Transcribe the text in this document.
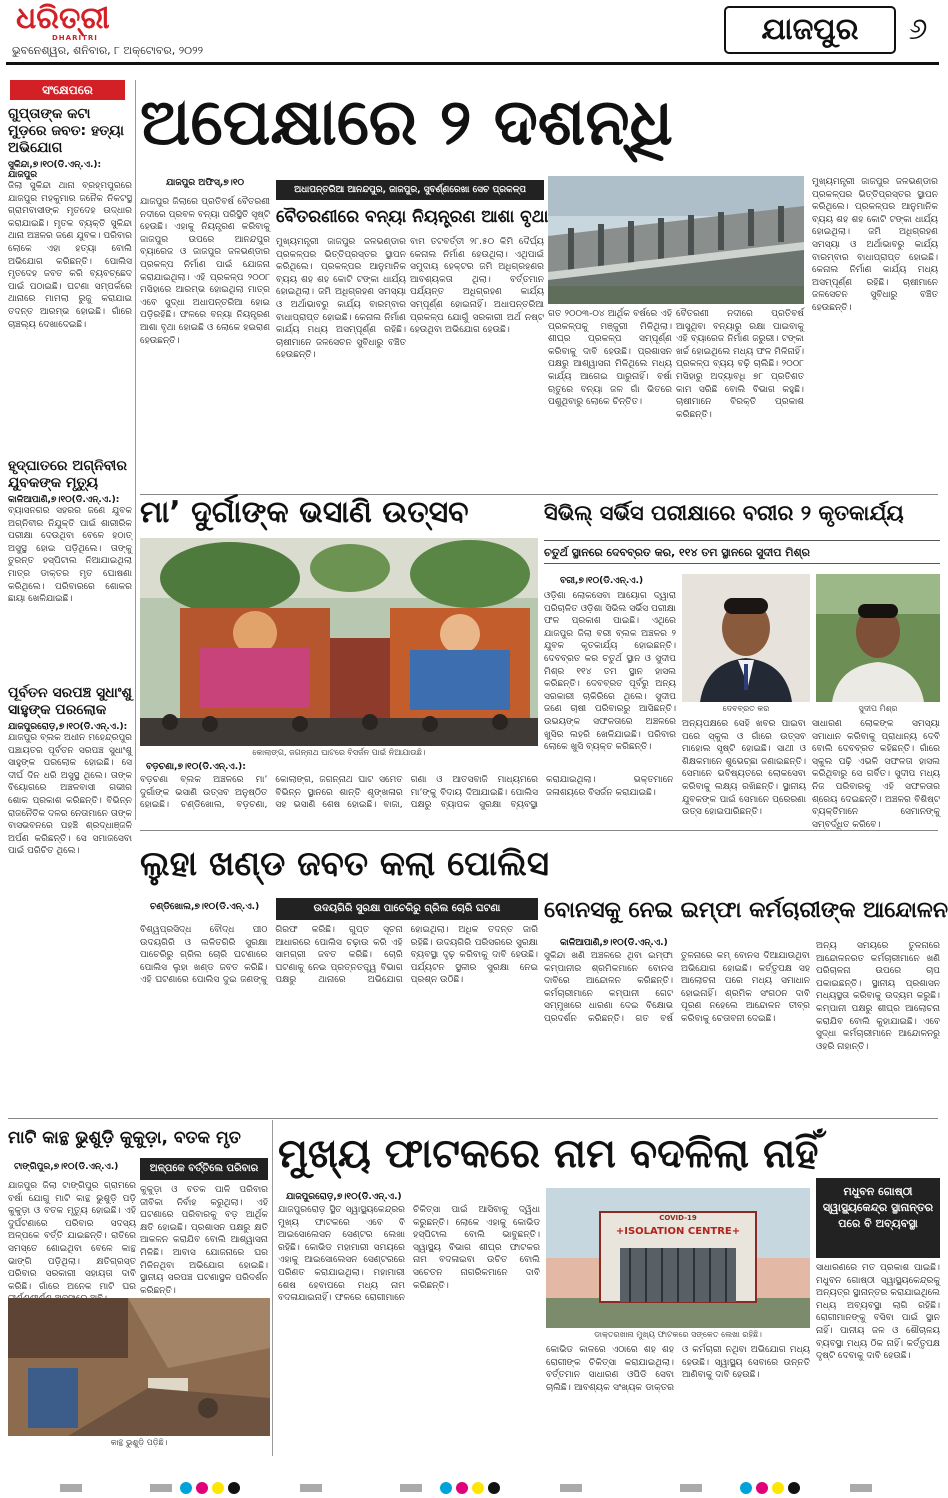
ଧରିତ୍ରୀ
DHARITRI
ଭୁବନେଶ୍ୱର, ଶନିବାର, ୮ ଅକ୍ଟୋବର, ୨୦୨୨
ଯାଜପୁର	୬
ସଂକ୍ଷେପରେ
ଗୁପ୍ତାଙ୍କ କଟା ମୁଡ଼ରେ ଜବତ: ହତ୍ୟା ଅଭିଯୋଗ
ସୁକିନ୍ଦା,୭।୧୦(ଡି.ଏନ୍.ଏ.): ଯାଜପୁର
ଜିଲା ସୁକିନ୍ଦା ଥାନା ବ୍ରହ୍ମପୁରରେ ଯାଜପୁର ମହକୁମାର ଜନୈକ ନିକଟସ୍ଥ ଗ୍ରାମବାସୀଙ୍କ ମୃତଦେହ ଉଦ୍ଧାର କରାଯାଇଛି। ମୃତକ ବ୍ୟକ୍ତି ସୁକିନ୍ଦା ଥାନା ଅଞ୍ଚଳର ଜଣେ ଯୁବକ। ପରିବାର ଲୋକେ ଏହା ହତ୍ୟା ବୋଲି ଅଭିଯୋଗ କରିଛନ୍ତି। ପୋଲିସ ମୃତଦେହ ଜବତ କରି ବ୍ୟବଚ୍ଛେଦ ପାଇଁ ପଠାଇଛି। ଘଟଣା ସମ୍ପର୍କରେ ଥାନାରେ ମାମଲା ରୁଜୁ କରାଯାଇ ତଦନ୍ତ ଆରମ୍ଭ ହୋଇଛି। ଗାଁରେ ଚାଞ୍ଚଲ୍ୟ ଦେଖାଦେଇଛି।
ହୃଦ୍‌ଘାତରେ ଅଗ୍ନିବୀର ଯୁବକଙ୍କ ମୃତ୍ୟୁ
କାଳିଆପାଣି,୭।୧୦(ଡି.ଏନ୍.ଏ.):
ବ୍ୟାସନଗର ସହରର ଜଣେ ଯୁବକ ଅଗ୍ନିବୀର ନିଯୁକ୍ତି ପାଇଁ ଶାରୀରିକ ପରୀକ୍ଷା ଦେଉଥିବା ବେଳେ ହଠାତ୍ ଅସୁସ୍ଥ ହୋଇ ପଡ଼ିଥିଲେ। ତାଙ୍କୁ ତୁରନ୍ତ ହସ୍ପିଟାଲ ନିଆଯାଇଥିଲା ମାତ୍ର ଡାକ୍ତର ମୃତ ଘୋଷଣା କରିଥିଲେ। ପରିବାରରେ ଶୋକର ଛାୟା ଖେଳିଯାଇଛି।
ପୂର୍ବତନ ସରପଞ୍ଚ ସୁଧାଂଶୁ ସାହୁଙ୍କ ପରଲୋକ
ଯାଜପୁରରୋଡ଼,୭।୧୦(ଡି.ଏନ୍.ଏ.):
ଯାଜପୁର ବ୍ଲକ ଅଧୀନ ମହେନ୍ଦ୍ରପୁର ପଞ୍ଚାୟତର ପୂର୍ବତନ ସରପଞ୍ଚ ସୁଧାଂଶୁ ସାହୁଙ୍କ ପରଲୋକ ହୋଇଛି। ସେ ଦୀର୍ଘ ଦିନ ଧରି ଅସୁସ୍ଥ ଥିଲେ। ତାଙ୍କ ବିୟୋଗରେ ଅଞ୍ଚଳବାସୀ ଗଭୀର ଶୋକ ପ୍ରକାଶ କରିଛନ୍ତି। ବିଭିନ୍ନ ରାଜନୈତିକ ଦଳର ନେତାମାନେ ତାଙ୍କ ବାସଭବନରେ ପହଞ୍ଚି ଶ୍ରଦ୍ଧାଞ୍ଜଳି ଅର୍ପଣ କରିଛନ୍ତି। ସେ ସମାଜସେବା ପାଇଁ ପରିଚିତ ଥିଲେ।
ଅପେକ୍ଷାରେ ୨ ଦଶନ୍ଧି
ଯାଜପୁର ଅଫିସ୍,୭।୧୦
ଅଧାପନ୍ତରିଆ ଆନନ୍ଦପୁର, ଜାଜପୁର, ସୁବର୍ଣ୍ଣରେଖା ସେଚ ପ୍ରକଳ୍ପ
ବୈତରଣୀରେ ବନ୍ୟା ନିୟନ୍ତ୍ରଣ ଆଶା ବୃଥା
ଯାଜପୁର ଜିଲାରେ ପ୍ରତିବର୍ଷ ବୈତରଣୀ ନଦୀରେ ପ୍ରବଳ ବନ୍ୟା ପରିସ୍ଥିତି ସୃଷ୍ଟି ହେଉଛି। ଏହାକୁ ନିୟନ୍ତ୍ରଣ କରିବାକୁ ଜାଜପୁର ଉପରେ ଆନନ୍ଦପୁର ବ୍ୟାରେଜ ଓ ଜାଜପୁର ଜଳଭଣ୍ଡାର ପ୍ରକଳ୍ପ ନିର୍ମାଣ ପାଇଁ ଯୋଜନା କରାଯାଇଥିଲା। ଏହି ପ୍ରକଳ୍ପ ୨୦୦୮ ମସିହାରେ ଆରମ୍ଭ ହୋଇଥିଲା ମାତ୍ର ଏବେ ସୁଦ୍ଧା ଅଧାପନ୍ତରିଆ ହୋଇ ପଡ଼ିରହିଛି। ଫଳରେ ବନ୍ୟା ନିୟନ୍ତ୍ରଣ ଆଶା ବୃଥା ହୋଇଛି ଓ ଲୋକେ ହଇରାଣ ହେଉଛନ୍ତି।
ମୁଖ୍ୟମନ୍ତ୍ରୀ ଜାଜପୁର ଜଳଭଣ୍ଡାର ପ୍ରକଳ୍ପର ଭିତ୍ତିପ୍ରସ୍ତର ସ୍ଥାପନ କରିଥିଲେ। ପ୍ରକଳ୍ପର ଆନୁମାନିକ ବ୍ୟୟ ଶହ ଶହ କୋଟି ଟଙ୍କା ଧାର୍ଯ୍ୟ ହୋଇଥିଲା। ଜମି ଅଧିଗ୍ରହଣ ସମସ୍ୟା ଓ ଅର୍ଥାଭାବରୁ କାର୍ଯ୍ୟ ବାରମ୍ବାର ବାଧାପ୍ରାପ୍ତ ହୋଇଛି। କେନାଲ ନିର୍ମାଣ କାର୍ଯ୍ୟ ମଧ୍ୟ ଅସମ୍ପୂର୍ଣ୍ଣ ରହିଛି। ଚାଷୀମାନେ ଜଳସେଚନ ସୁବିଧାରୁ ବଞ୍ଚିତ ହେଉଛନ୍ତି।
ବାମ ତଟବର୍ତ୍ତୀ ୨୮.୫୦ କିମି ଦୈର୍ଘ୍ୟ କେନାଲ ନିର୍ମାଣ ହେଉଥିଲା। ଏଥିପାଇଁ ସମୁଦାୟ ହେକ୍ଟର ଜମି ଅଧିଗ୍ରହଣର ଆବଶ୍ୟକତା ଥିଲା। ବର୍ତ୍ତମାନ ପର୍ଯ୍ୟନ୍ତ ଅଧିଗ୍ରହଣ କାର୍ଯ୍ୟ ସମ୍ପୂର୍ଣ୍ଣ ହୋଇନାହିଁ। ଅଧାପନ୍ତରିଆ ପ୍ରକଳ୍ପ ଯୋଗୁଁ ସରକାରୀ ଅର୍ଥ ନଷ୍ଟ ହେଉଥିବା ଅଭିଯୋଗ ହେଉଛି।
ଗତ ୨୦୦୩-୦୪ ଆର୍ଥିକ ବର୍ଷରେ ଏହି ପ୍ରକଳ୍ପକୁ ମଞ୍ଜୁରୀ ମିଳିଥିଲା। ଶୀଘ୍ର ପ୍ରକଳ୍ପ ସମ୍ପୂର୍ଣ୍ଣ କରିବାକୁ ଦାବି ହେଉଛି। ପ୍ରଶାସନ ପକ୍ଷରୁ ଆଶ୍ୱାସନା ମିଳିଥିଲେ ମଧ୍ୟ କାର୍ଯ୍ୟ ଆଗେଇ ପାରୁନାହିଁ। ବର୍ଷା ଋତୁରେ ବନ୍ୟା ଜଳ ଗାଁ ଭିତରେ ପଶୁଥିବାରୁ ଲୋକେ ଚିନ୍ତିତ।
ବୈତରଣୀ ନଦୀରେ ପ୍ରତିବର୍ଷ ଆସୁଥିବା ବନ୍ୟାରୁ ରକ୍ଷା ପାଇବାକୁ ଏହି ବ୍ୟାରେଜ ନିର୍ମାଣ ଜରୁରୀ। ଟଙ୍କା ଖର୍ଚ୍ଚ ହୋଇଥିଲେ ମଧ୍ୟ ଫଳ ମିଳିନାହିଁ। ପ୍ରକଳ୍ପ ବ୍ୟୟ ବଢ଼ି ଚାଲିଛି। ୨୦୦୮ ମସିହାରୁ ଅଦ୍ୟାବଧି ୭୮ ପ୍ରତିଶତ କାମ ସରିଛି ବୋଲି ବିଭାଗ କହୁଛି। ଚାଷୀମାନେ ବିରକ୍ତି ପ୍ରକାଶ କରିଛନ୍ତି।
ମୁଖ୍ୟମନ୍ତ୍ରୀ ଜାଜପୁର ଜଳଭଣ୍ଡାର ପ୍ରକଳ୍ପର ଭିତ୍ତିପ୍ରସ୍ତର ସ୍ଥାପନ କରିଥିଲେ। ପ୍ରକଳ୍ପର ଆନୁମାନିକ ବ୍ୟୟ ଶହ ଶହ କୋଟି ଟଙ୍କା ଧାର୍ଯ୍ୟ ହୋଇଥିଲା। ଜମି ଅଧିଗ୍ରହଣ ସମସ୍ୟା ଓ ଅର୍ଥାଭାବରୁ କାର୍ଯ୍ୟ ବାରମ୍ବାର ବାଧାପ୍ରାପ୍ତ ହୋଇଛି। କେନାଲ ନିର୍ମାଣ କାର୍ଯ୍ୟ ମଧ୍ୟ ଅସମ୍ପୂର୍ଣ୍ଣ ରହିଛି। ଚାଷୀମାନେ ଜଳସେଚନ ସୁବିଧାରୁ ବଞ୍ଚିତ ହେଉଛନ୍ତି।
ମା’ ଦୁର୍ଗାଙ୍କ ଭସାଣି ଉତ୍ସବ
କୋଲାଙ୍ଗ, ଜଗନ୍ନାଥ ଘାଟରେ ବିସର୍ଜନ ପାଇଁ ନିଆଯାଉଛି।
ବଡ଼ଚଣା,୭।୧୦(ଡି.ଏନ୍.ଏ.):
ବଡ଼ଚଣା ବ୍ଲକ ଅଞ୍ଚଳରେ ମା’ ଦୁର୍ଗାଙ୍କ ଭସାଣି ଉତ୍ସବ ଅନୁଷ୍ଠିତ ହୋଇଛି। ଚଣ୍ଡିଖୋଲ, ବଡ଼ଚଣା, କୋଲାଙ୍ଗ, ଜଗନ୍ନାଥ ଘାଟ ସମେତ ବିଭିନ୍ନ ସ୍ଥାନରେ ଶାନ୍ତି ଶୃଙ୍ଖଳାର ସହ ଭସାଣି ଶେଷ ହୋଇଛି। ବାଜା, ଗଣା ଓ ଆତସବାଜି ମାଧ୍ୟମରେ ମା’ଙ୍କୁ ବିଦାୟ ଦିଆଯାଇଛି। ପୋଲିସ ପକ୍ଷରୁ ବ୍ୟାପକ ସୁରକ୍ଷା ବ୍ୟବସ୍ଥା କରାଯାଇଥିଲା। ଭକ୍ତମାନେ ଜଳାଶୟରେ ବିସର୍ଜନ କରାଯାଇଛି।
ସିଭିଲ୍ ସର୍ଭିସ ପରୀକ୍ଷାରେ ବରୀର ୨ କୃତକାର୍ଯ୍ୟ
ଚତୁର୍ଥ ସ୍ଥାନରେ ଦେବବ୍ରତ କର, ୧୧୪ ତମ ସ୍ଥାନରେ ସୁଦୀପ ମିଶ୍ର
ବରୀ,୭।୧୦(ଡି.ଏନ୍.ଏ.)
ଓଡ଼ିଶା ଲୋକସେବା ଆୟୋଗ ଦ୍ୱାରା ପରିଚାଳିତ ଓଡ଼ିଶା ସିଭିଲ ସର୍ଭିସ ପରୀକ୍ଷା ଫଳ ପ୍ରକାଶ ପାଇଛି। ଏଥିରେ ଯାଜପୁର ଜିଲା ବରୀ ବ୍ଲକ ଅଞ୍ଚଳର ୨ ଯୁବକ କୃତକାର୍ଯ୍ୟ ହୋଇଛନ୍ତି। ଦେବବ୍ରତ କର ଚତୁର୍ଥ ସ୍ଥାନ ଓ ସୁଦୀପ ମିଶ୍ର ୧୧୪ ତମ ସ୍ଥାନ ହାସଲ କରିଛନ୍ତି। ଦେବବ୍ରତ ପୂର୍ବରୁ ଅନ୍ୟ ସରକାରୀ ଚାକିରିରେ ଥିଲେ। ସୁଦୀପ ଜଣେ ଚାଷୀ ପରିବାରରୁ ଆସିଛନ୍ତି। ଉଭୟଙ୍କ ସଫଳତାରେ ଅଞ୍ଚଳରେ ଖୁସିର ଲହରି ଖେଳିଯାଇଛି। ପରିବାର ଲୋକେ ଖୁସି ବ୍ୟକ୍ତ କରିଛନ୍ତି।
ଦେବବ୍ରତ କର	ସୁଦୀପ ମିଶ୍ର
ଅନ୍ୟପକ୍ଷରେ ସେହି ଖବର ପାଇବା ପରେ ସ୍କୁଲ ଓ ଗାଁରେ ଉତ୍ସବ ମାହୋଲ ସୃଷ୍ଟି ହୋଇଛି। ସାଥୀ ଓ ଶିକ୍ଷକମାନେ ଶୁଭେଚ୍ଛା ଜଣାଇଛନ୍ତି। ସେମାନେ ଭବିଷ୍ୟତରେ ଲୋକସେବା କରିବାକୁ ଲକ୍ଷ୍ୟ ରଖିଛନ୍ତି। ସ୍ଥାନୀୟ ଯୁବକଙ୍କ ପାଇଁ ସେମାନେ ପ୍ରେରଣା ଉତ୍ସ ହୋଇପାରିଛନ୍ତି।
ସାଧାରଣ ଲୋକଙ୍କ ସମସ୍ୟା ସମାଧାନ କରିବାକୁ ପ୍ରାଧାନ୍ୟ ଦେବି ବୋଲି ଦେବବ୍ରତ କହିଛନ୍ତି। ଗାଁରେ ସ୍କୁଲ ପଢ଼ି ଏଭଳି ସଫଳତା ହାସଲ କରିଥିବାରୁ ସେ ଗର୍ବିତ। ସୁଦୀପ ମଧ୍ୟ ନିଜ ପରିବାରକୁ ଏହି ସଫଳତାର ଶ୍ରେୟ ଦେଇଛନ୍ତି। ଅଞ୍ଚଳର ବିଶିଷ୍ଟ ବ୍ୟକ୍ତିମାନେ ସେମାନଙ୍କୁ ସମ୍ବର୍ଦ୍ଧିତ କରିବେ।
ଲୁହା ଖଣ୍ଡ ଜବତ କଲା ପୋଲିସ
ଚଣ୍ଡିଖୋଲ,୭।୧୦(ଡି.ଏନ୍.ଏ.)	ଉଦୟଗିରି ସୁରକ୍ଷା ପାଚେରିରୁ ଗ୍ରିଲ ଚୋରି ଘଟଣା
ବିଶ୍ୱପ୍ରସିଦ୍ଧ ବୌଦ୍ଧ ପୀଠ ଉଦୟଗିରି ଓ ଲଳିତଗିରି ସୁରକ୍ଷା ପାଚେରିରୁ ଗ୍ରିଲ ଚୋରି ଘଟଣାରେ ପୋଲିସ ଲୁହା ଖଣ୍ଡ ଜବତ କରିଛି। ଏହି ଘଟଣାରେ ପୋଲିସ ଦୁଇ ଜଣଙ୍କୁ ଗିରଫ କରିଛି। ଗୁପ୍ତ ସୂଚନା ଆଧାରରେ ପୋଲିସ ଚଢ଼ାଉ କରି ଏହି ସାମଗ୍ରୀ ଜବତ କରିଛି। ଚୋରି ଘଟଣାକୁ ନେଇ ପ୍ରତ୍ନତତ୍ତ୍ୱ ବିଭାଗ ପକ୍ଷରୁ ଥାନାରେ ଅଭିଯୋଗ ହୋଇଥିଲା। ଅଧିକ ତଦନ୍ତ ଜାରି ରହିଛି। ଉଦୟଗିରି ପରିସରରେ ସୁରକ୍ଷା ବ୍ୟବସ୍ଥା ଦୃଢ଼ କରିବାକୁ ଦାବି ହେଉଛି। ପର୍ଯ୍ୟଟନ ସ୍ଥଳୀର ସୁରକ୍ଷା ନେଇ ପ୍ରଶ୍ନ ଉଠିଛି।
ବୋନସକୁ ନେଇ ଇମ୍ଫା କର୍ମଚାରୀଙ୍କ ଆନ୍ଦୋଳନ
କାଳିଆପାଣି,୭।୧୦(ଡି.ଏନ୍.ଏ.)
ସୁକିନ୍ଦା ଖଣି ଅଞ୍ଚଳରେ ଥିବା ଇମ୍ଫା କମ୍ପାନୀର ଶ୍ରମିକମାନେ ବୋନସ ଦାବିରେ ଆନ୍ଦୋଳନ କରିଛନ୍ତି। କର୍ମଚାରୀମାନେ କମ୍ପାନୀ ଗେଟ ସମ୍ମୁଖରେ ଧାରଣା ଦେଇ ବିକ୍ଷୋଭ ପ୍ରଦର୍ଶନ କରିଛନ୍ତି। ଗତ ବର୍ଷ ତୁଳନାରେ କମ୍ ବୋନସ ଦିଆଯାଉଥିବା ଅଭିଯୋଗ ହୋଇଛି। କର୍ତ୍ତୃପକ୍ଷ ସହ ଆଲୋଚନା ପରେ ମଧ୍ୟ ସମାଧାନ ହୋଇନାହିଁ। ଶ୍ରମିକ ସଂଗଠନ ଦାବି ପୂରଣ ନହେଲେ ଆନ୍ଦୋଳନ ତୀବ୍ର କରିବାକୁ ଚେତାବନୀ ଦେଇଛି।
ଅନ୍ୟ ସମୟରେ ତୁଳନାରେ ଆନ୍ଦୋଳନରତ କର୍ମଚାରୀମାନେ ଖଣି ପରିଚାଳନା ଉପରେ ଚାପ ପକାଇଛନ୍ତି। ସ୍ଥାନୀୟ ପ୍ରଶାସନ ମଧ୍ୟସ୍ଥତା କରିବାକୁ ଉଦ୍ୟମ କରୁଛି। କମ୍ପାନୀ ପକ୍ଷରୁ ଶୀଘ୍ର ଆଲୋଚନା କରାଯିବ ବୋଲି କୁହାଯାଇଛି। ଏବେ ସୁଦ୍ଧା କର୍ମଚାରୀମାନେ ଆନ୍ଦୋଳନରୁ ଓହରି ନାହାନ୍ତି।
ମାଟି କାନ୍ଥ ଭୁଶୁଡ଼ି କୁକୁଡ଼ା, ବତକ ମୃତ
ଟାଙ୍ଗିପୁର,୭।୧୦(ଡି.ଏନ୍.ଏ.)	ଅଳ୍ପକେ ବର୍ତ୍ତିଲେ ପରିବାର
ଯାଜପୁର ଜିଲା ଟାଙ୍ଗିପୁର ଗ୍ରାମରେ ବର୍ଷା ଯୋଗୁ ମାଟି କାନ୍ଥ ଭୁଶୁଡ଼ି ପଡ଼ି କୁକୁଡ଼ା ଓ ବତକ ମୃତ୍ୟୁ ହୋଇଛି। ଏହି ଦୁର୍ଘଟଣାରେ ପରିବାର ସଦସ୍ୟ ଅଳ୍ପକେ ବର୍ତ୍ତି ଯାଇଛନ୍ତି। ରାତିରେ ସମସ୍ତେ ଶୋଇଥିବା ବେଳେ କାନ୍ଥ ଭାଙ୍ଗି ପଡ଼ିଥିଲା। କ୍ଷତିଗ୍ରସ୍ତ ପରିବାର ସରକାରୀ ସହାୟତା ଦାବି କରିଛି। ଗାଁରେ ଅନେକ ମାଟି ଘର
କୁକୁଡ଼ା ଓ ବତକ ପାଳି ପରିବାର ଜୀବିକା ନିର୍ବାହ କରୁଥିଲା। ଏହି ଘଟଣାରେ ପରିବାରକୁ ବଡ଼ ଆର୍ଥିକ କ୍ଷତି ହୋଇଛି। ପ୍ରଶାସନ ପକ୍ଷରୁ କ୍ଷତି ଆକଳନ କରାଯିବ ବୋଲି ଆଶ୍ୱାସନା ମିଳିଛି। ଆବାସ ଯୋଜନାରେ ଘର ମିଳିନଥିବା ଅଭିଯୋଗ ହୋଇଛି। ସ୍ଥାନୀୟ ସରପଞ୍ଚ ଘଟଣାସ୍ଥଳ ପରିଦର୍ଶନ କରିଛନ୍ତି।
କାନ୍ଥ ଭୁଶୁଡ଼ି ପଡ଼ିଛି।
ମୁଖ୍ୟ ଫାଟକରେ ନାମ ବଦଳିଲା ନାହିଁ
ଯାଜପୁରରୋଡ଼,୭।୧୦(ଡି.ଏନ୍.ଏ.)
ଯାଜପୁରରୋଡ଼ ସ୍ଥିତ ସ୍ୱାସ୍ଥ୍ୟକେନ୍ଦ୍ରର ମୁଖ୍ୟ ଫାଟକରେ ଏବେ ବି ଆଇସୋଲେସନ ସେଣ୍ଟର ଲେଖା ରହିଛି। କୋଭିଡ ମହାମାରୀ ସମୟରେ ଏହାକୁ ଆଇସୋଲେସନ ସେଣ୍ଟରରେ ପରିଣତ କରାଯାଇଥିଲା। ମହାମାରୀ ଶେଷ ହେବାପରେ ମଧ୍ୟ ନାମ ବଦଳାଯାଇନାହିଁ। ଫଳରେ ରୋଗୀମାନେ ଚିକିତ୍ସା ପାଇଁ ଆସିବାକୁ ଦ୍ୱିଧା କରୁଛନ୍ତି। ଲୋକେ ଏହାକୁ କୋଭିଡ ହସ୍ପିଟାଲ ବୋଲି ଭାବୁଛନ୍ତି। ସ୍ୱାସ୍ଥ୍ୟ ବିଭାଗ ଶୀଘ୍ର ଫାଟକର ନାମ ବଦଳାଇବା ଉଚିତ ବୋଲି ସଚେତନ ନାଗରିକମାନେ ଦାବି କରିଛନ୍ତି।
COVID-19
+ISOLATION CENTRE+
ଡାକ୍ତରଖାନା ମୁଖ୍ୟ ଫାଟକରେ ସଙ୍କେତ ଲେଖା ରହିଛି।
କୋଭିଡ କାଳରେ ଏଠାରେ ଶହ ଶହ ରୋଗୀଙ୍କ ଚିକିତ୍ସା କରାଯାଇଥିଲା। ବର୍ତ୍ତମାନ ସାଧାରଣ ଓପିଡି ସେବା ଚାଲିଛି। ଆବଶ୍ୟକ ସଂଖ୍ୟକ ଡାକ୍ତର ଓ କର୍ମଚାରୀ ନଥିବା ଅଭିଯୋଗ ମଧ୍ୟ ହେଉଛି। ସ୍ୱାସ୍ଥ୍ୟ ସେବାରେ ଉନ୍ନତି ଆଣିବାକୁ ଦାବି ହେଉଛି।
ମଧୁବନ ଗୋଷ୍ଠୀ ସ୍ୱାସ୍ଥ୍ୟକେନ୍ଦ୍ର ସ୍ଥାନାନ୍ତର ପରେ ବି ଅବ୍ୟବସ୍ଥା
ସାଧାରଣରେ ମତ ପ୍ରକାଶ ପାଇଛି। ମଧୁବନ ଗୋଷ୍ଠୀ ସ୍ୱାସ୍ଥ୍ୟକେନ୍ଦ୍ରକୁ ଅନ୍ୟତ୍ର ସ୍ଥାନାନ୍ତର କରାଯାଇଥିଲେ ମଧ୍ୟ ଅବ୍ୟବସ୍ଥା ଲାଗି ରହିଛି। ରୋଗୀମାନଙ୍କୁ ବସିବା ପାଇଁ ସ୍ଥାନ ନାହିଁ। ପାନୀୟ ଜଳ ଓ ଶୌଚାଳୟ ବ୍ୟବସ୍ଥା ମଧ୍ୟ ଠିକ ନାହିଁ। କର୍ତ୍ତୃପକ୍ଷ ଦୃଷ୍ଟି ଦେବାକୁ ଦାବି ହେଉଛି।
